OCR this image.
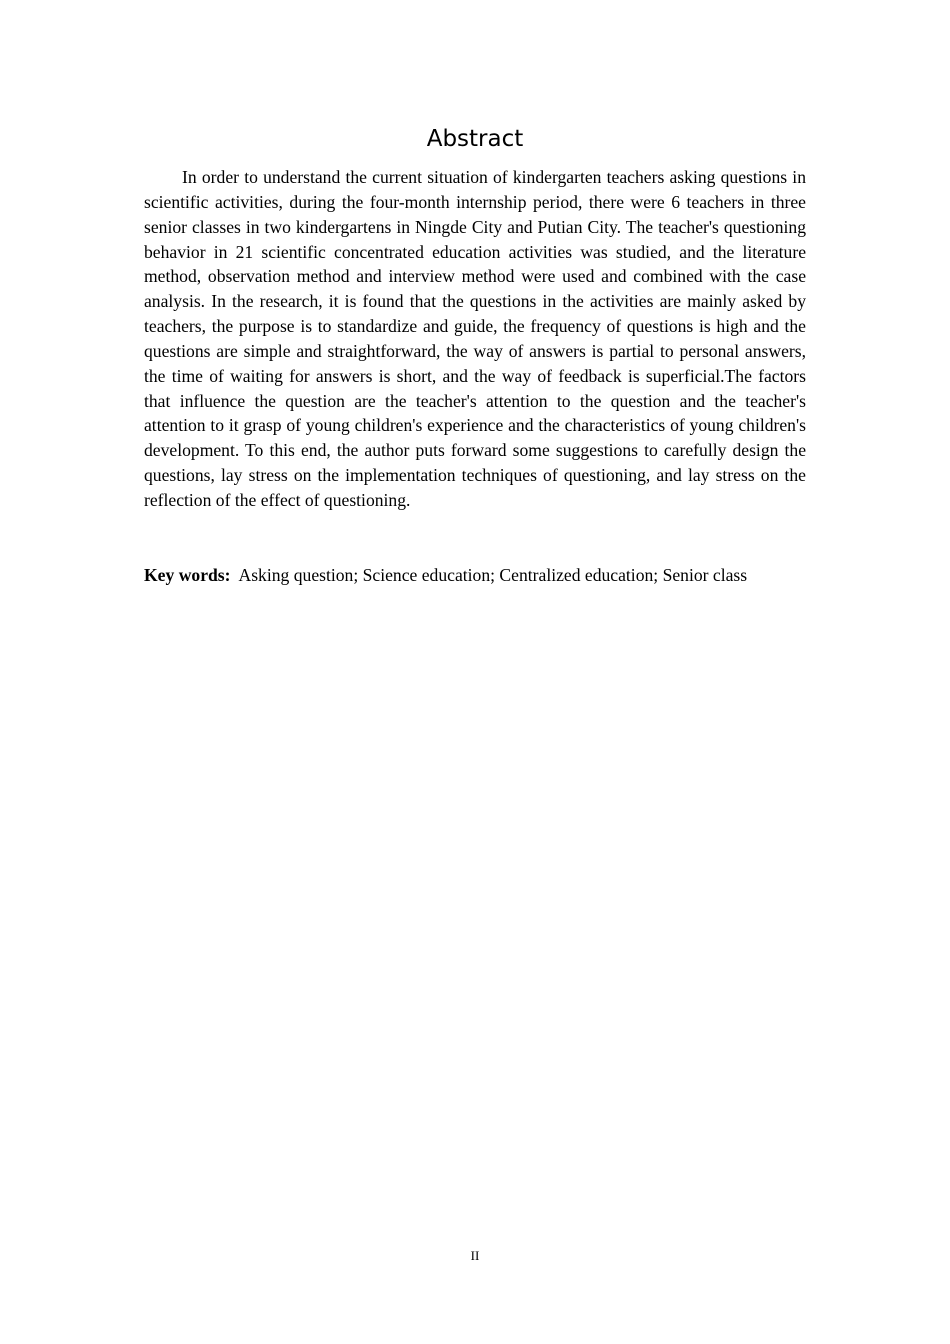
Abstract

In order to understand the current situation of kindergarten teachers asking questions in scientific activities, during the four-month internship period, there were 6 teachers in three senior classes in two kindergartens in Ningde City and Putian City. The teacher's questioning behavior in 21 scientific concentrated education activities was studied, and the literature method, observation method and interview method were used and combined with the case analysis. In the research, it is found that the questions in the activities are mainly asked by teachers, the purpose is to standardize and guide, the frequency of questions is high and the questions are simple and straightforward, the way of answers is partial to personal answers, the time of waiting for answers is short, and the way of feedback is superficial.The factors that influence the question are the teacher's attention to the question and the teacher's attention to it grasp of young children's experience and the characteristics of young children's development. To this end, the author puts forward some suggestions to carefully design the questions, lay stress on the implementation techniques of questioning, and lay stress on the reflection of the effect of questioning.

Key words: Asking question; Science education; Centralized education; Senior class

II
